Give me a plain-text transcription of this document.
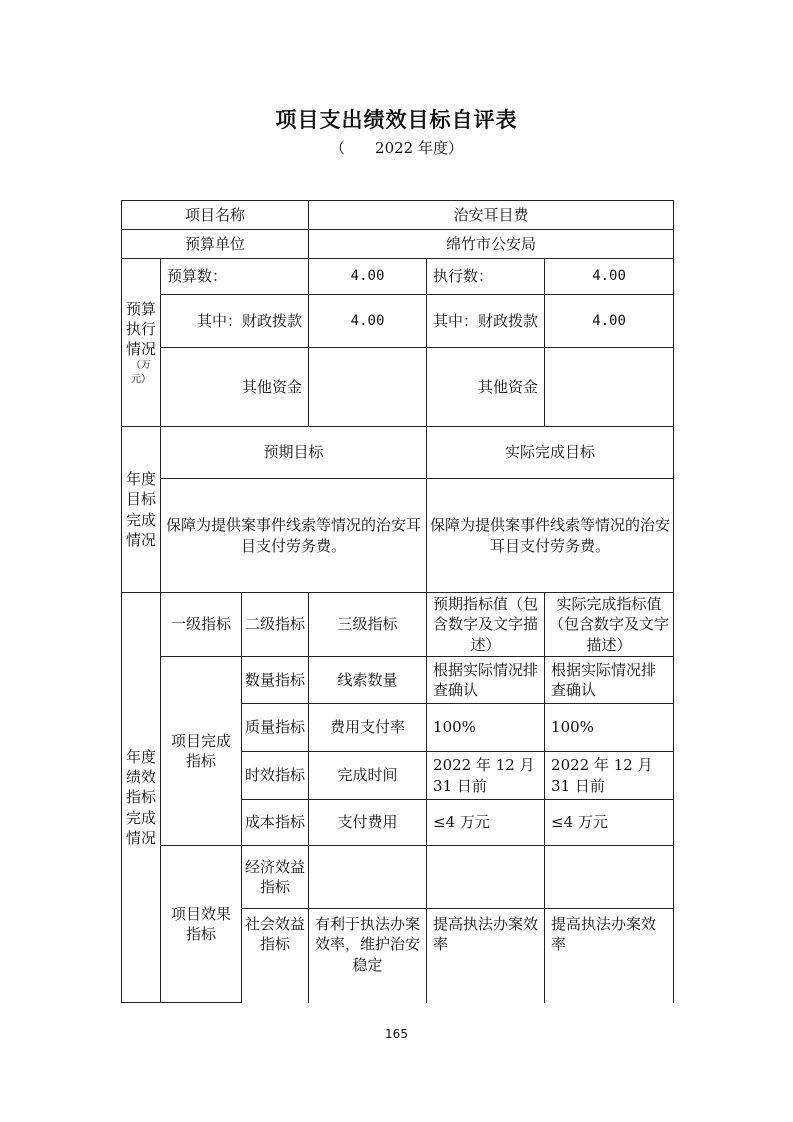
项目支出绩效目标自评表
（ 2022 年度）
项目名称			治安耳目费		
预算单位			绵竹市公安局		

预算执行情况
（万元）	预算数：		4.00	执行数：	4.00
	其中：财政拨款		4.00	其中：财政拨款	4.00
	其他资金			其他资金	
年度目标完成情况	预期目标			实际完成目标	
	保障为提供案事件线索等情况的治安耳目支付劳务费。			保障为提供案事件线索等情况的治安耳目支付劳务费。	
年度绩效指标完成情况	一级指标	二级指标	三级指标	预期指标值（包含数字及文字描述）	实际完成指标值（包含数字及文字描述）
	项目完成指标	数量指标	线索数量	根据实际情况排查确认	根据实际情况排查确认
		质量指标	费用支付率	100%	100%
		时效指标	完成时间	2022 年 12 月 31 日前	2022 年 12 月 31 日前
		成本指标	支付费用	≤4 万元	≤4 万元
	项目效果指标	经济效益指标			
		社会效益指标	有利于执法办案效率，维护治安稳定	提高执法办案效率	提高执法办案效率
165
